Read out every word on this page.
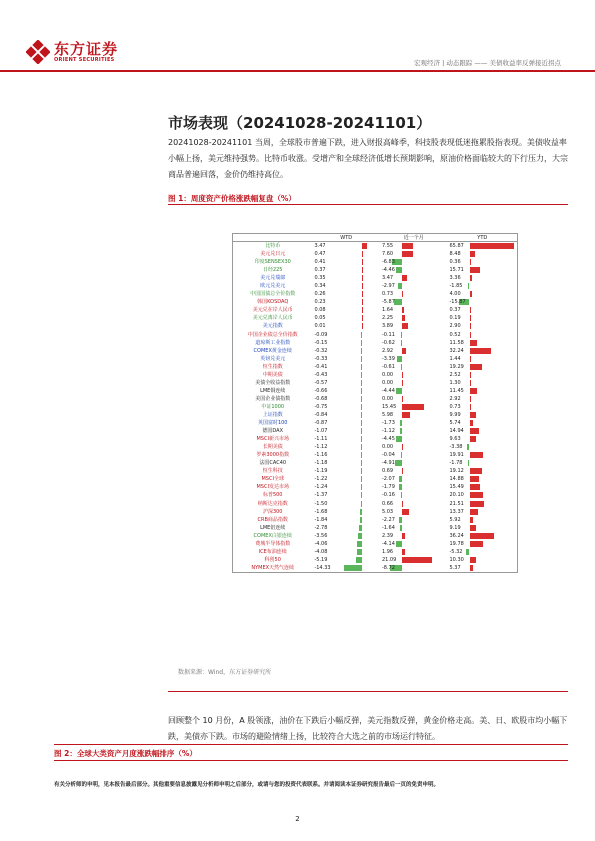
东方证券
ORIENT SECURITIES	宏观经济 | 动态跟踪 —— 美债收益率反弹接近拐点
市场表现（20241028-20241101）
20241028-20241101 当周，全球股市普遍下跌，进入财报高峰季，科技股表现低迷拖累股指表现。美债收益率小幅上扬，美元维持强势。比特币收涨。受增产和全球经济低增长预期影响，原油价格面临较大的下行压力，大宗商品普遍回落，金价仍维持高位。
图 1：周度资产价格涨跌幅复盘（%）
WTD	近一个月	YTD
比特币	3.47	7.55	65.87
美元兑日元	0.47	7.60	8.48
印度SENSEX30	0.41	-6.83	0.36
日经225	0.37	-4.46	15.71
美元兑瑞郎	0.35	3.47	3.36
欧元兑美元	0.34	-2.97	-1.85
中国国债总全价指数	0.26	0.73	4.00
韩国KOSDAQ	0.23	-5.87	-15.87
美元兑在岸人民币	0.08	1.64	0.37
美元兑离岸人民币	0.05	2.25	0.19
美元指数	0.01	3.89	2.90
中国企业债总全价指数	-0.09	-0.11	0.52
道琼斯工业指数	-0.15	-0.62	11.58
COMEX黄金连续	-0.32	2.92	32.24
英镑兑美元	-0.33	-3.39	1.44
恒生指数	-0.41	-0.61	19.29
中期美债	-0.43	0.00	2.52
美债全收益指数	-0.57	0.00	1.30
LME铜连续	-0.66	-4.44	11.45
美国企业债指数	-0.68	0.00	2.92
中证1000	-0.75	15.45	0.73
上证指数	-0.84	5.98	9.99
英国富时100	-0.87	-1.73	5.74
德国DAX	-1.07	-1.12	14.94
MSCI新兴市场	-1.11	-4.45	9.63
长期美债	-1.12	0.00	-3.38
罗素3000指数	-1.16	-0.04	19.91
法国CAC40	-1.18	-4.91	-1.78
恒生科技	-1.19	0.69	19.12
MSCI全球	-1.22	-2.07	14.88
MSCI发达市场	-1.24	-1.79	15.49
标普500	-1.37	-0.16	20.10
纳斯达克指数	-1.50	0.66	21.51
沪深300	-1.68	5.03	13.37
CRB商品指数	-1.84	-2.27	5.92
LME铝连续	-2.78	-1.64	9.19
COMEX白银连续	-3.56	2.39	36.24
费城半导体指数	-4.06	-4.14	19.78
ICE布油连续	-4.08	1.96	-5.32
科创50	-5.19	21.09	10.30
NYMEX天然气连续	-14.33	-8.72	5.37
数据来源：Wind，东方证券研究所
回顾整个 10 月份，A 股领涨，油价在下跌后小幅反弹，美元指数反弹，黄金价格走高。美、日、欧股市均小幅下跌，美债亦下跌。市场的避险情绪上扬，比较符合大选之前的市场运行特征。
图 2：全球大类资产月度涨跌幅排序（%）
有关分析师的申明，见本报告最后部分。其他重要信息披露见分析师申明之后部分，或请与您的投资代表联系。并请阅读本证券研究报告最后一页的免责申明。
2
